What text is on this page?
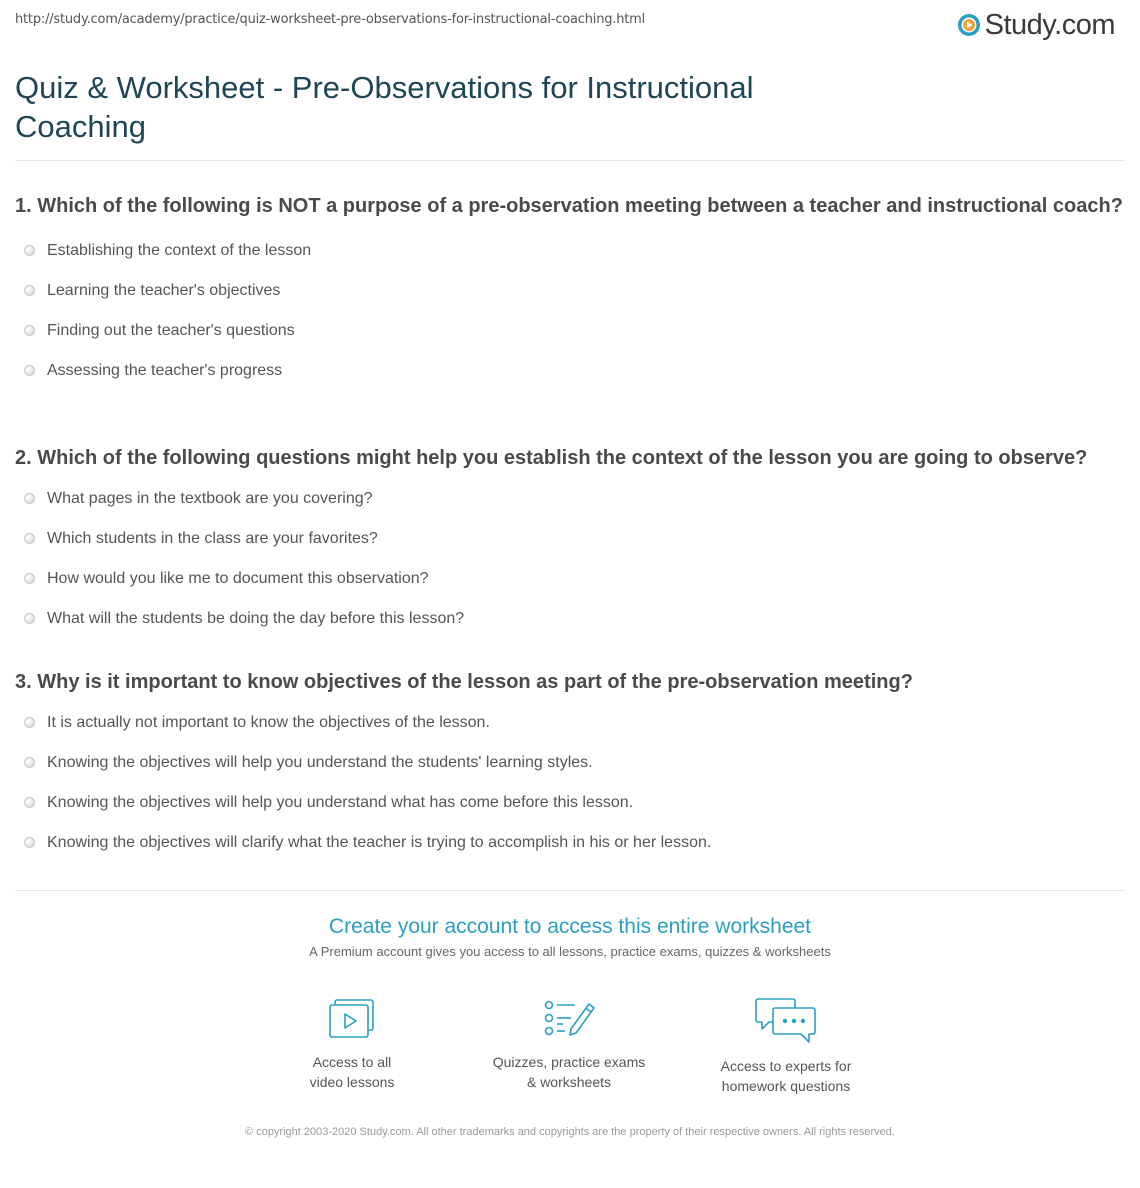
http://study.com/academy/practice/quiz-worksheet-pre-observations-for-instructional-coaching.html	Study.com
Quiz & Worksheet - Pre-Observations for Instructional Coaching

1. Which of the following is NOT a purpose of a pre-observation meeting between a teacher and instructional coach?

Establishing the context of the lesson
Learning the teacher's objectives
Finding out the teacher's questions
Assessing the teacher's progress

2. Which of the following questions might help you establish the context of the lesson you are going to observe?

What pages in the textbook are you covering?
Which students in the class are your favorites?
How would you like me to document this observation?
What will the students be doing the day before this lesson?

3. Why is it important to know objectives of the lesson as part of the pre-observation meeting?

It is actually not important to know the objectives of the lesson.
Knowing the objectives will help you understand the students' learning styles.
Knowing the objectives will help you understand what has come before this lesson.
Knowing the objectives will clarify what the teacher is trying to accomplish in his or her lesson.

Create your account to access this entire worksheet

A Premium account gives you access to all lessons, practice exams, quizzes & worksheets
Access to all
video lessons
Quizzes, practice exams
& worksheets
Access to experts for
homework questions
© copyright 2003-2020 Study.com. All other trademarks and copyrights are the property of their respective owners. All rights reserved.
